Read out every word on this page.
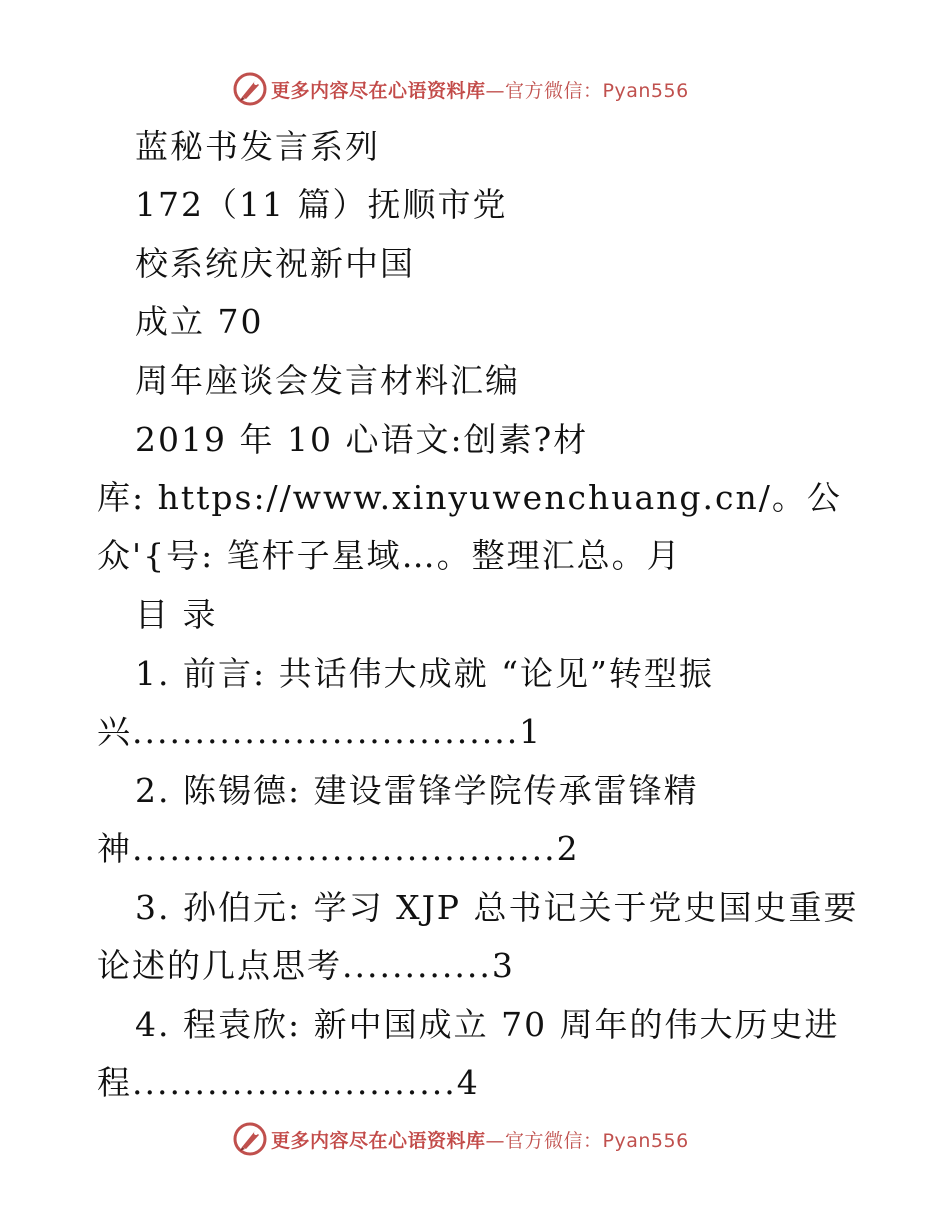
更多内容尽在心语资料库—官方微信：Pyan556
蓝秘书发言系列
172（11 篇）抚顺市党
校系统庆祝新中国
成立 70
周年座谈会发言材料汇编
2019 年 10 心语文:创素?材
库: https://www.xinyuwenchuang.cn/。公
众'{号: 笔杆子星域…。整理汇总。月
目 录
1. 前言: 共话伟大成就 “论见”转型振
兴...............................1
2. 陈锡德: 建设雷锋学院传承雷锋精
神..................................2
3. 孙伯元: 学习 XJP 总书记关于党史国史重要
论述的几点思考............3
4. 程袁欣: 新中国成立 70 周年的伟大历史进
程..........................4
更多内容尽在心语资料库—官方微信：Pyan556
